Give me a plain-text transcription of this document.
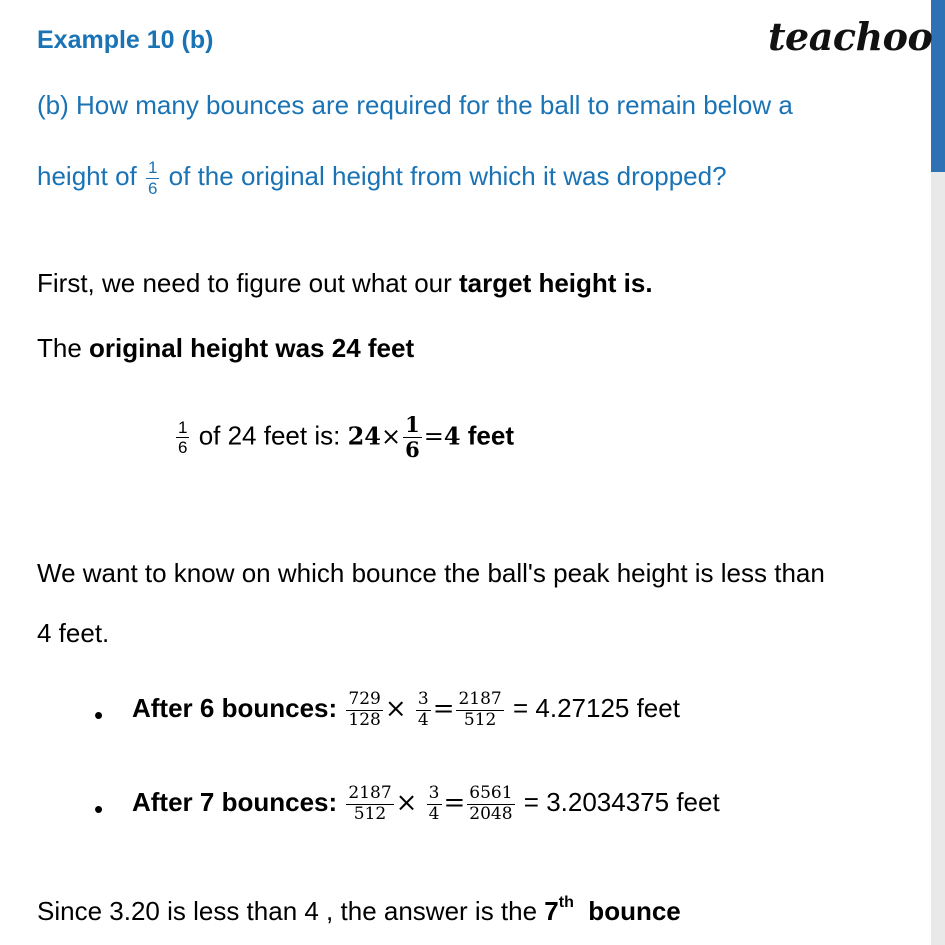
Example 10 (b)	teachoo
(b) How many bounces are required for the ball to remain below a
height of $\frac{1}{6}$ of the original height from which it was dropped?
First, we need to figure out what our target height is.
The original height was 24 feet
$\frac{1}{6}$ of 24 feet is: $24\times \frac{1}{6} =4$ feet
We want to know on which bounce the ball's peak height is less than
4 feet.
• After 6 bounces: $\frac{729}{128} \times \frac{3}{4} = \frac{2187}{512} = 4.27125$ feet
• After 7 bounces: $\frac{2187}{512} \times \frac{3}{4} = \frac{6561}{2048} = 3.2034375$ feet
Since 3.20 is less than 4 , the answer is the 7th  bounce
